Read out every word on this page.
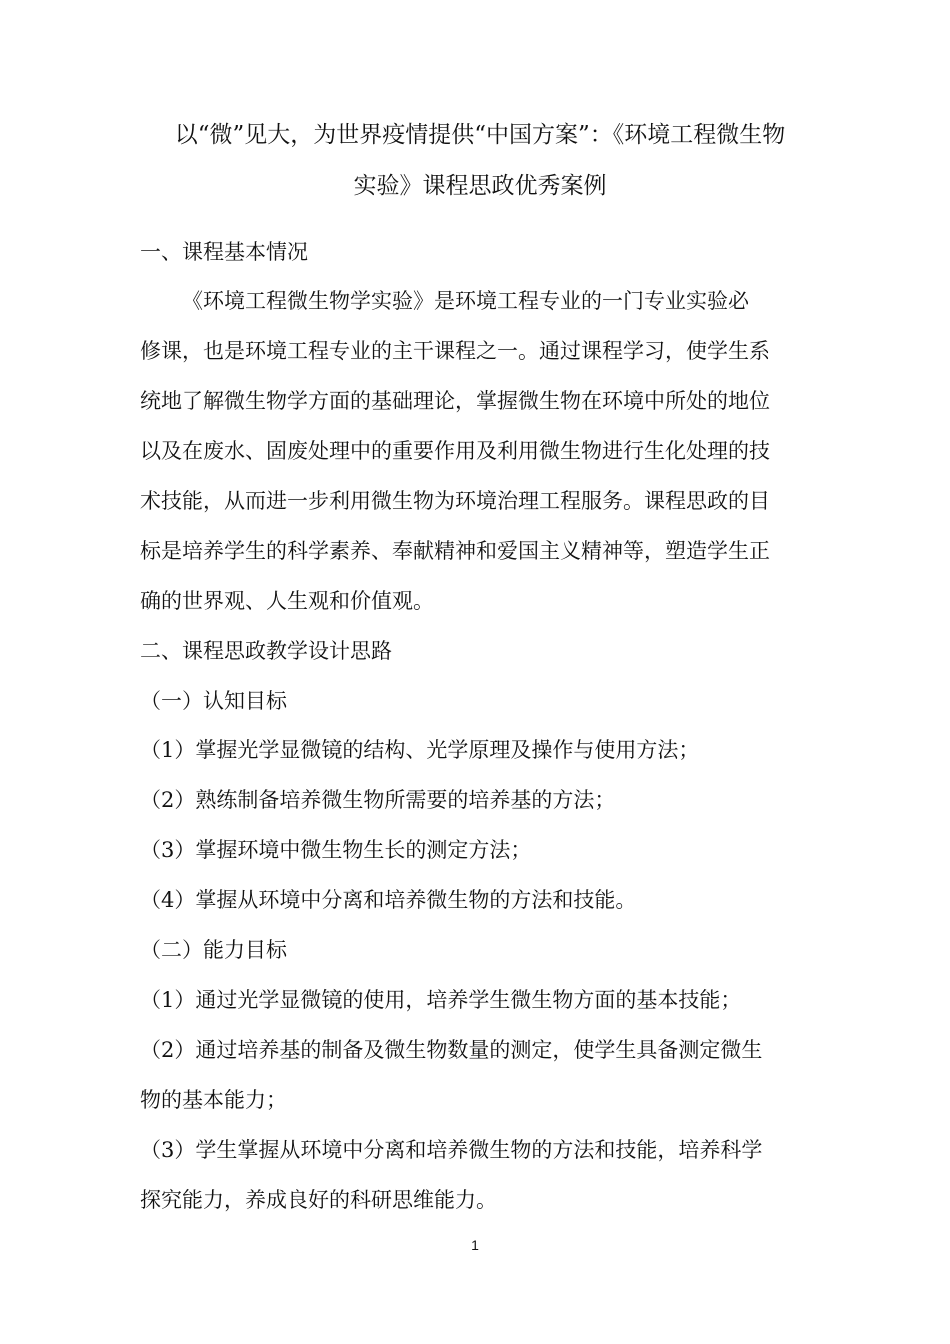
以“微”见大，为世界疫情提供“中国方案”：《环境工程微生物
实验》课程思政优秀案例
一、课程基本情况
《环境工程微生物学实验》是环境工程专业的一门专业实验必
修课，也是环境工程专业的主干课程之一。通过课程学习，使学生系
统地了解微生物学方面的基础理论，掌握微生物在环境中所处的地位
以及在废水、固废处理中的重要作用及利用微生物进行生化处理的技
术技能，从而进一步利用微生物为环境治理工程服务。课程思政的目
标是培养学生的科学素养、奉献精神和爱国主义精神等，塑造学生正
确的世界观、人生观和价值观。
二、课程思政教学设计思路
（一）认知目标
（1）掌握光学显微镜的结构、光学原理及操作与使用方法；
（2）熟练制备培养微生物所需要的培养基的方法；
（3）掌握环境中微生物生长的测定方法；
（4）掌握从环境中分离和培养微生物的方法和技能。
（二）能力目标
（1）通过光学显微镜的使用，培养学生微生物方面的基本技能；
（2）通过培养基的制备及微生物数量的测定，使学生具备测定微生
物的基本能力；
（3）学生掌握从环境中分离和培养微生物的方法和技能，培养科学
探究能力，养成良好的科研思维能力。
1
